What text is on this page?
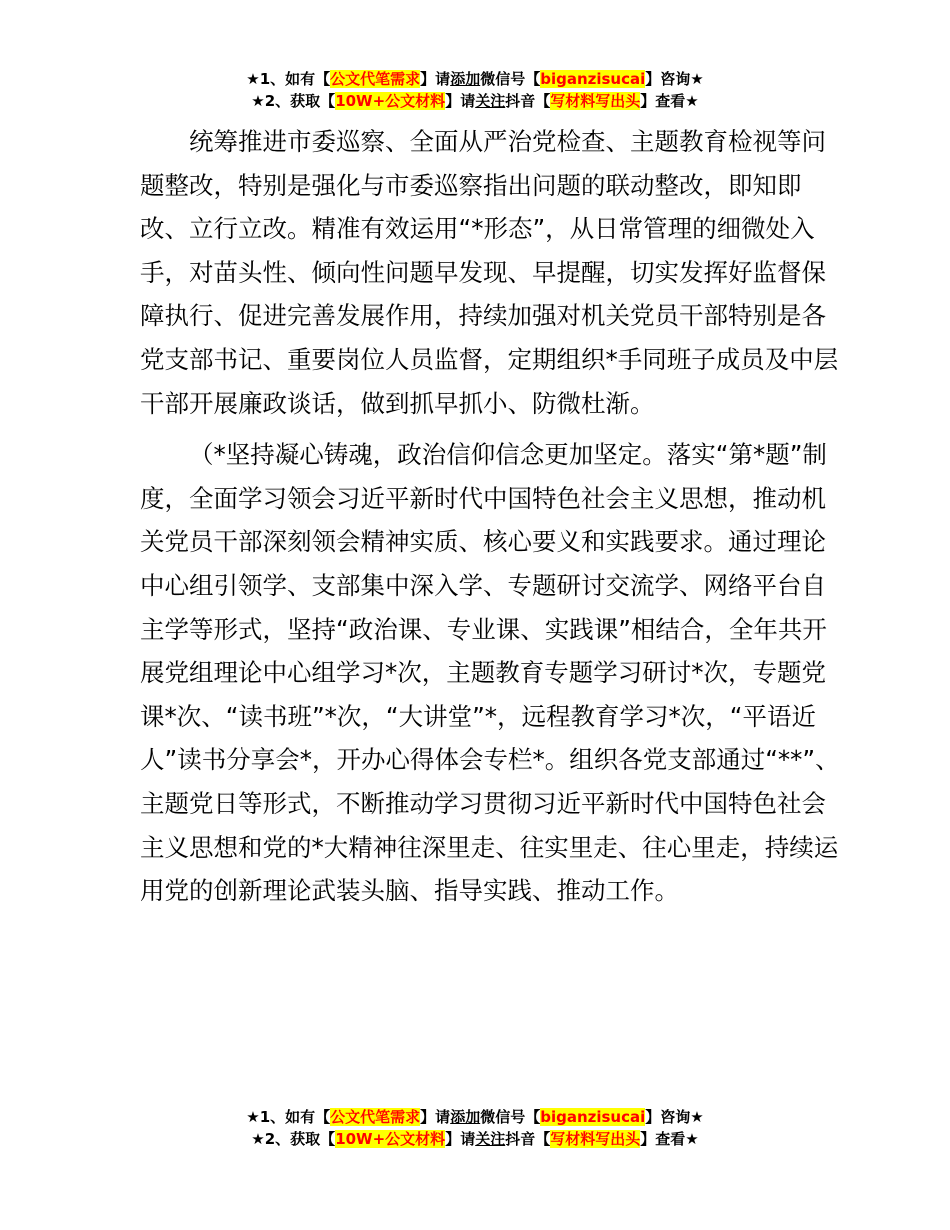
★1、如有【公文代笔需求】请添加微信号【biganzisucai】咨询★
★2、获取【10W+公文材料】请关注抖音【写材料写出头】查看★

统筹推进市委巡察、全面从严治党检查、主题教育检视等问题整改，特别是强化与市委巡察指出问题的联动整改，即知即改、立行立改。精准有效运用“*形态”，从日常管理的细微处入手，对苗头性、倾向性问题早发现、早提醒，切实发挥好监督保障执行、促进完善发展作用，持续加强对机关党员干部特别是各党支部书记、重要岗位人员监督，定期组织*手同班子成员及中层干部开展廉政谈话，做到抓早抓小、防微杜渐。

（*坚持凝心铸魂，政治信仰信念更加坚定。落实“第*题”制度，全面学习领会习近平新时代中国特色社会主义思想，推动机关党员干部深刻领会精神实质、核心要义和实践要求。通过理论中心组引领学、支部集中深入学、专题研讨交流学、网络平台自主学等形式，坚持“政治课、专业课、实践课”相结合，全年共开展党组理论中心组学习*次，主题教育专题学习研讨*次，专题党课*次、“读书班”*次，“大讲堂”*，远程教育学习*次，“平语近人”读书分享会*，开办心得体会专栏*。组织各党支部通过“**”、主题党日等形式，不断推动学习贯彻习近平新时代中国特色社会主义思想和党的*大精神往深里走、往实里走、往心里走，持续运用党的创新理论武装头脑、指导实践、推动工作。

★1、如有【公文代笔需求】请添加微信号【biganzisucai】咨询★
★2、获取【10W+公文材料】请关注抖音【写材料写出头】查看★
